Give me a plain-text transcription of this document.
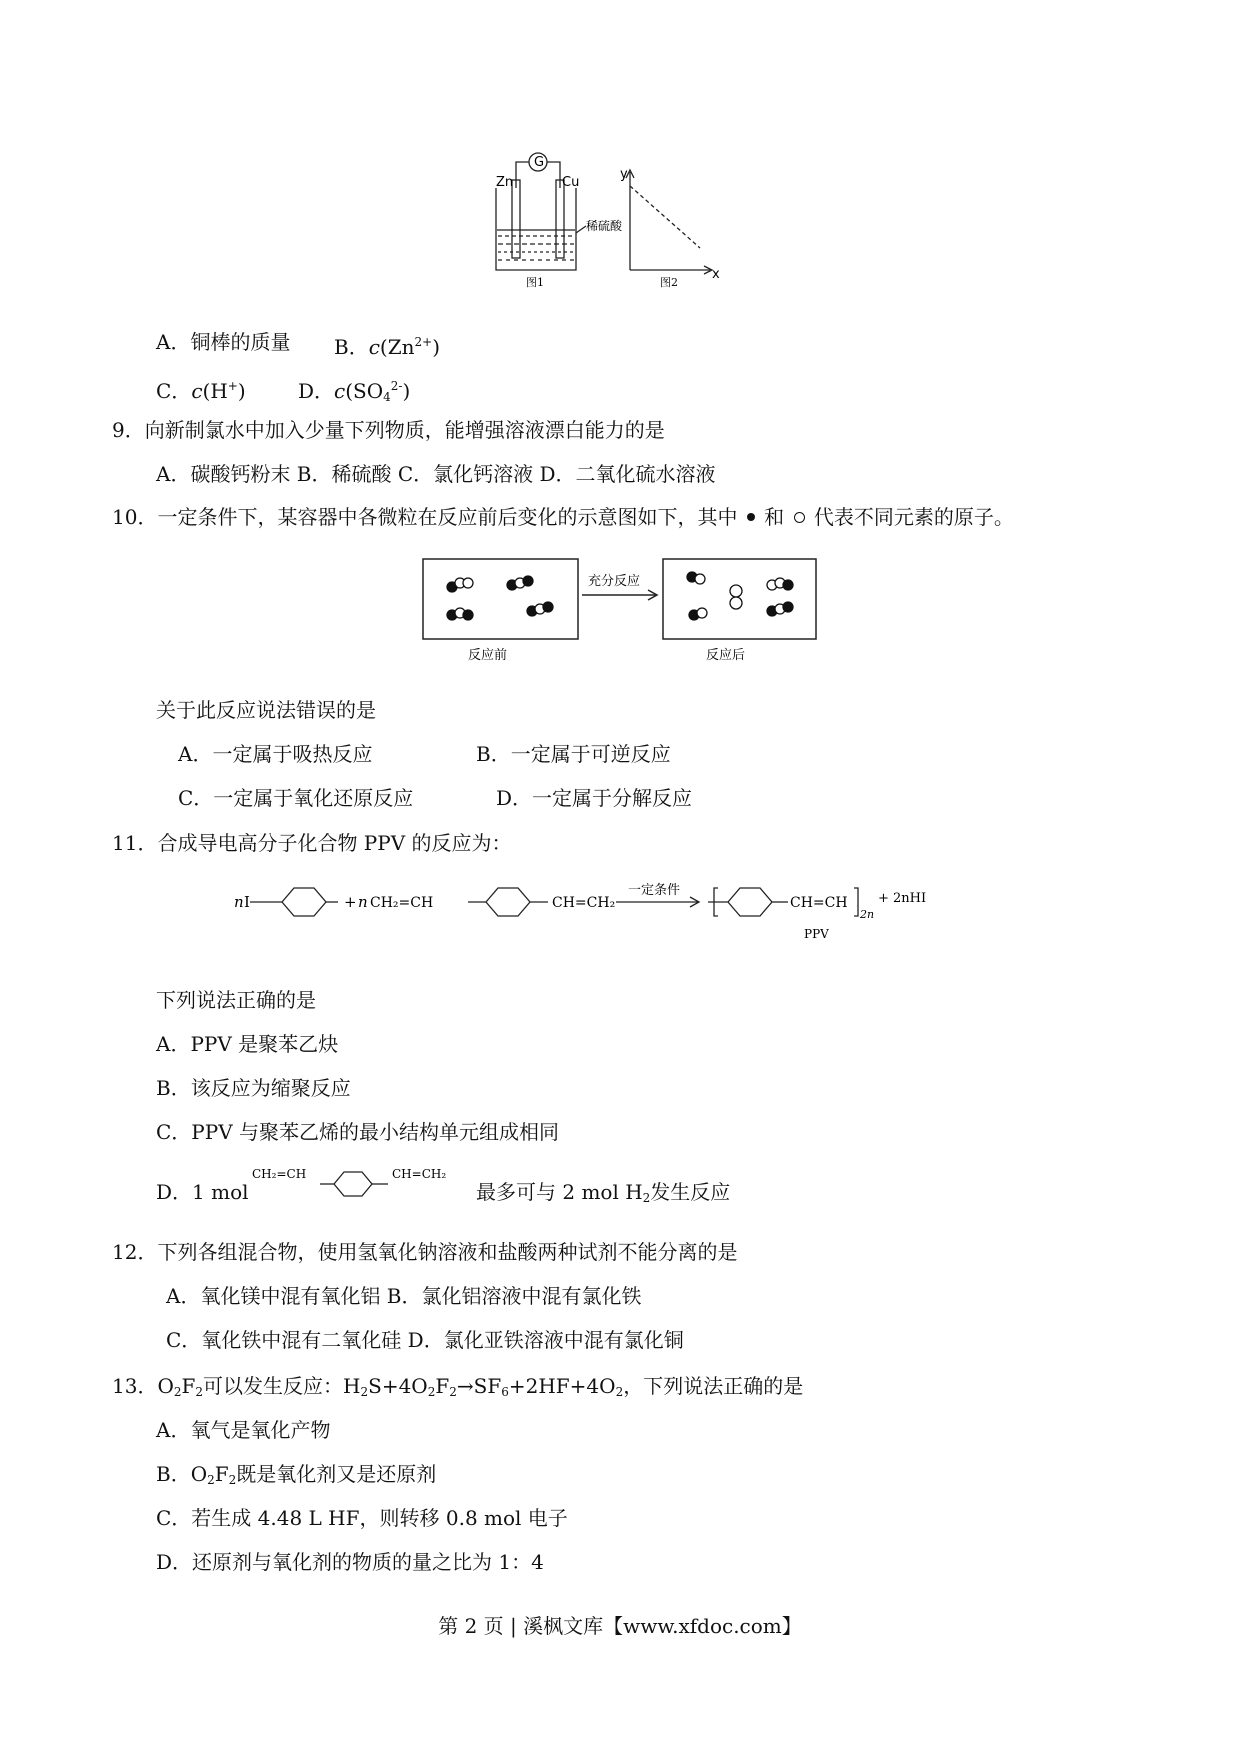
G
Zn	Cu
稀硫酸
图1
y
x
图2
A．铜棒的质量 B．$c(Zn^{2+})$
C．c(H+)	D．$c(SO_4^{2-})$
9．向新制氯水中加入少量下列物质，能增强溶液漂白能力的是
A．碳酸钙粉末 B．稀硫酸 C．氯化钙溶液 D．二氧化硫水溶液
10．一定条件下，某容器中各微粒在反应前后变化的示意图如下，其中 和 代表不同元素的原子。
充分反应
反应前	反应后
关于此反应说法错误的是
A．一定属于吸热反应	B．一定属于可逆反应
C．一定属于氧化还原反应	D．一定属于分解反应
11．合成导电高分子化合物 PPV 的反应为：
n I	+ n CH₂=CH	CH=CH₂
一定条件
CH=CH
2n
+ 2nHI
PPV
下列说法正确的是
A．PPV 是聚苯乙炔
B．该反应为缩聚反应
C．PPV 与聚苯乙烯的最小结构单元组成相同
D．1 mol
CH₂=CH	CH=CH₂
最多可与 2 mol $H_2$发生反应
12．下列各组混合物，使用氢氧化钠溶液和盐酸两种试剂不能分离的是
A．氧化镁中混有氧化铝 B．氯化铝溶液中混有氯化铁
C．氧化铁中混有二氧化硅 D．氯化亚铁溶液中混有氯化铜
13．$O_2F_2$可以发生反应：$H_2S+4O_2F_2\to SF_6+2HF+4O_2$，下列说法正确的是
A．氧气是氧化产物
B．$O_2F_2$既是氧化剂又是还原剂
C．若生成 4.48 L HF，则转移 0.8 mol 电子
D．还原剂与氧化剂的物质的量之比为 1：4
第 2 页 | 溪枫文库【www.xfdoc.com】
